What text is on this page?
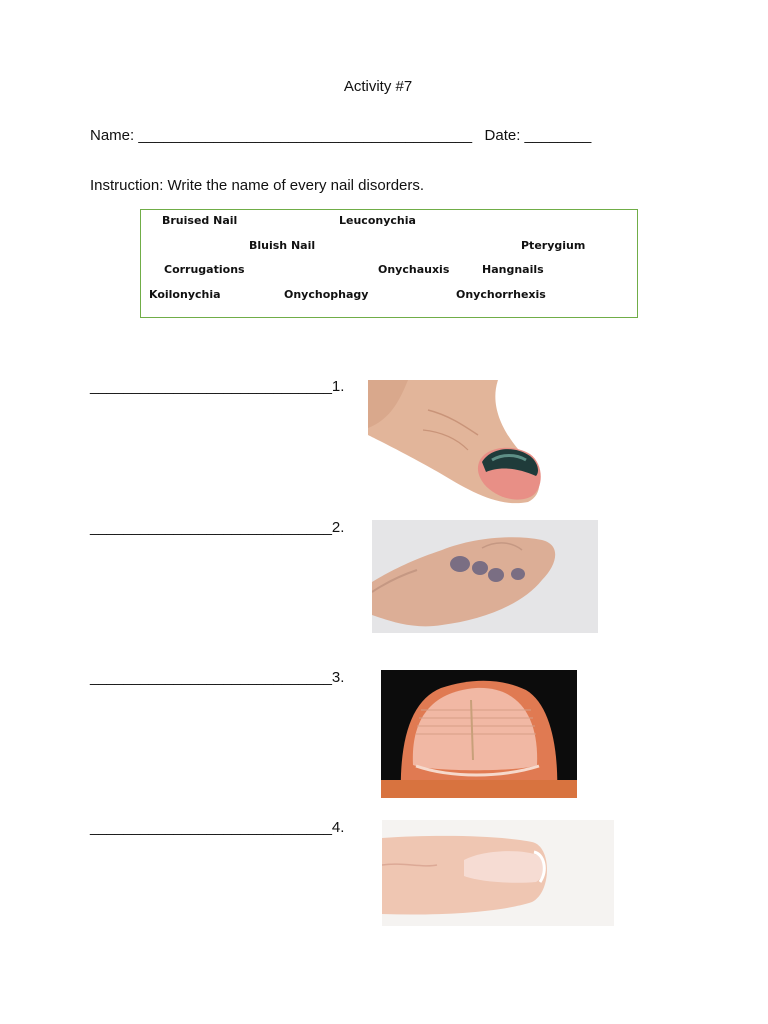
Activity #7
Name: ________________________________________   Date: ________
Instruction: Write the name of every nail disorders.
Bruised Nail	Leuconychia
Bluish Nail	Pterygium
Corrugations	Onychauxis	Hangnails
Koilonychia	Onychophagy	Onychorrhexis
_____________________________1.
_____________________________2.
_____________________________3.
_____________________________4.
